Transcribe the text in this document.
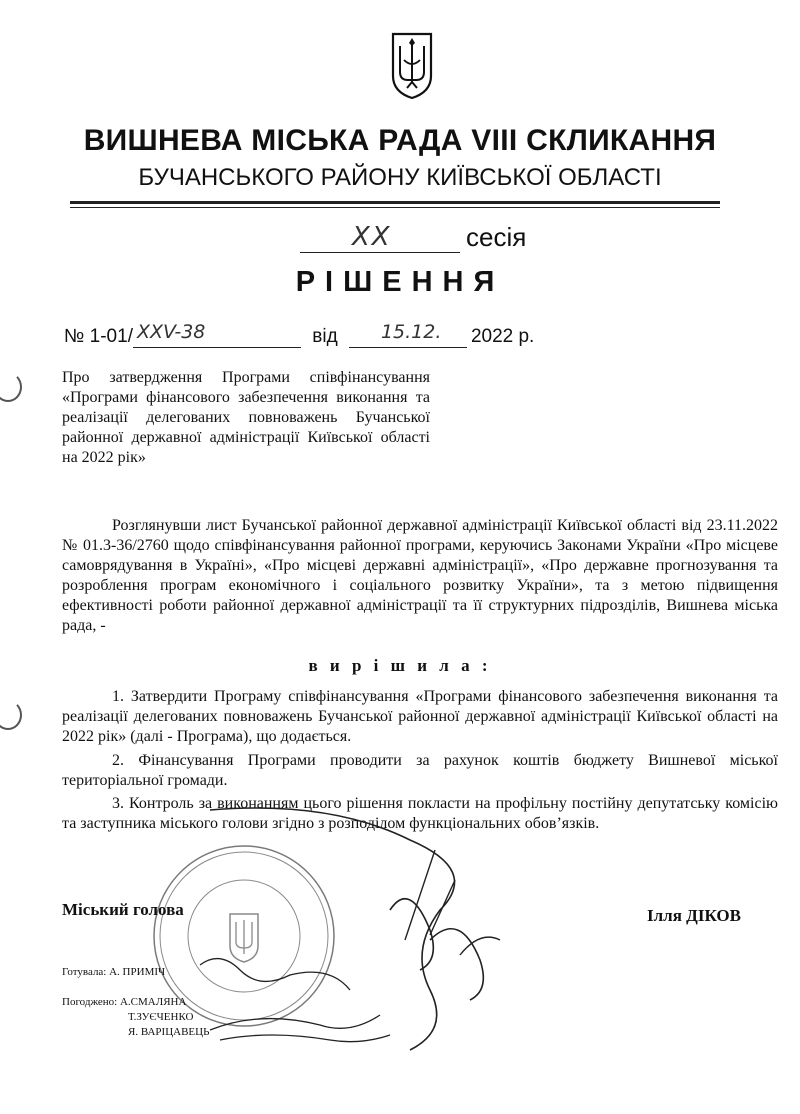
ВИШНЕВА МІСЬКА РАДА VIII СКЛИКАННЯ
БУЧАНСЬКОГО РАЙОНУ КИЇВСЬКОЇ ОБЛАСТІ
XX	сесія
РІШЕННЯ
№ 1-01/ XXV-38	від 15.12. 2022 р.
Про затвердження Програми співфінансування «Програми фінансового забезпечення виконання та реалізації делегованих повноважень Бучанської районної державної адміністрації Київської області на 2022 рік»
Розглянувши лист Бучанської районної державної адміністрації Київської області від 23.11.2022 № 01.3-36/2760 щодо співфінансування районної програми, керуючись Законами України «Про місцеве самоврядування в Україні», «Про місцеві державні адміністрації», «Про державне прогнозування та розроблення програм економічного і соціального розвитку України», та з метою підвищення ефективності роботи районної державної адміністрації та її структурних підрозділів, Вишнева міська рада, -
в и р і ш и л а :
1. Затвердити Програму співфінансування «Програми фінансового забезпечення виконання та реалізації делегованих повноважень Бучанської районної державної адміністрації Київської області на 2022 рік» (далі - Програма), що додається.
2. Фінансування Програми проводити за рахунок коштів бюджету Вишневої міської територіальної громади.
3. Контроль за виконанням цього рішення покласти на профільну постійну депутатську комісію та заступника міського голови згідно з розподілом функціональних обов’язків.
Міський голова	Ілля ДІКОВ
Готувала: А. ПРИМІЧ
Погоджено: А.СМАЛЯНА
Т.ЗУЄЧЕНКО
Я. ВАРІЦАВЕЦЬ
